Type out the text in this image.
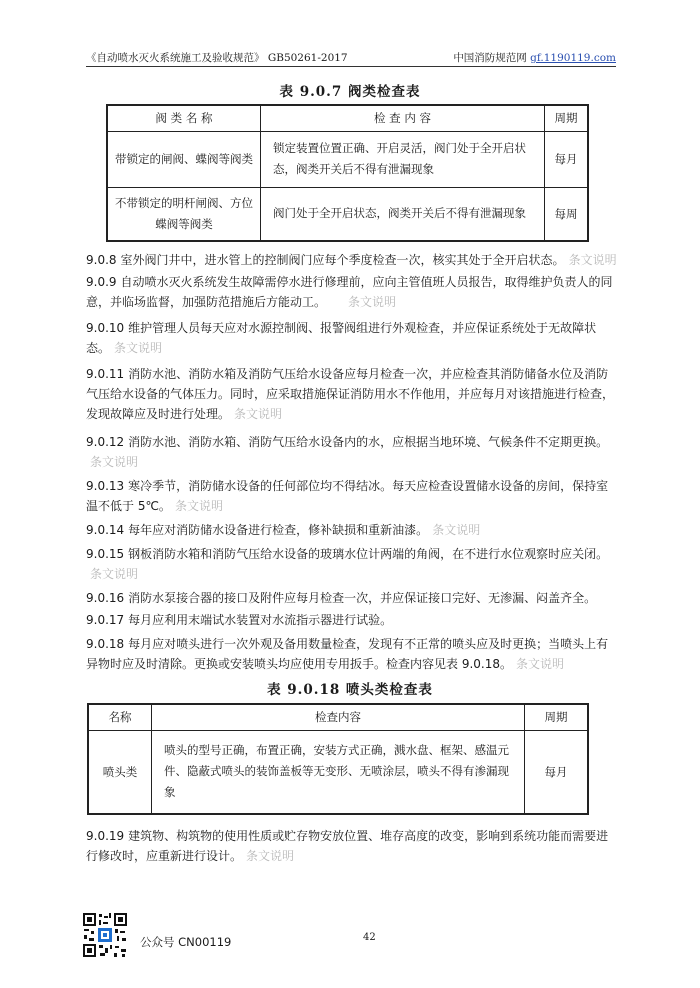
《自动喷水灭火系统施工及验收规范》 GB50261-2017	中国消防规范网 gf.1190119.com
表 9.0.7 阀类检查表
阀 类 名 称	检 查 内 容	周期
带锁定的闸阀、蝶阀等阀类	锁定装置位置正确、开启灵活，阀门处于全开启状态，阀类开关后不得有泄漏现象	每月
不带锁定的明杆闸阀、方位蝶阀等阀类	阀门处于全开启状态，阀类开关后不得有泄漏现象	每周
9.0.8 室外阀门井中，进水管上的控制阀门应每个季度检查一次，核实其处于全开启状态。 条文说明
9.0.9 自动喷水灭火系统发生故障需停水进行修理前，应向主管值班人员报告，取得维护负责人的同意，并临场监督，加强防范措施后方能动工。 条文说明
9.0.10 维护管理人员每天应对水源控制阀、报警阀组进行外观检查，并应保证系统处于无故障状态。 条文说明
9.0.11 消防水池、消防水箱及消防气压给水设备应每月检查一次，并应检查其消防储备水位及消防气压给水设备的气体压力。同时，应采取措施保证消防用水不作他用，并应每月对该措施进行检查，发现故障应及时进行处理。 条文说明
9.0.12 消防水池、消防水箱、消防气压给水设备内的水，应根据当地环境、气候条件不定期更换。条文说明
9.0.13 寒冷季节，消防储水设备的任何部位均不得结冰。每天应检查设置储水设备的房间，保持室温不低于 5℃。 条文说明
9.0.14 每年应对消防储水设备进行检查，修补缺损和重新油漆。 条文说明
9.0.15 钢板消防水箱和消防气压给水设备的玻璃水位计两端的角阀，在不进行水位观察时应关闭。条文说明
9.0.16 消防水泵接合器的接口及附件应每月检查一次，并应保证接口完好、无渗漏、闷盖齐全。
9.0.17 每月应利用末端试水装置对水流指示器进行试验。
9.0.18 每月应对喷头进行一次外观及备用数量检查，发现有不正常的喷头应及时更换；当喷头上有异物时应及时清除。更换或安装喷头均应使用专用扳手。检查内容见表 9.0.18。 条文说明
表 9.0.18 喷头类检查表
名称	检查内容	周期
喷头类	喷头的型号正确，布置正确，安装方式正确，溅水盘、框架、感温元件、隐蔽式喷头的装饰盖板等无变形、无喷涂层，喷头不得有渗漏现象	每月
9.0.19 建筑物、构筑物的使用性质或贮存物安放位置、堆存高度的改变，影响到系统功能而需要进行修改时，应重新进行设计。 条文说明
公众号 CN00119	42
